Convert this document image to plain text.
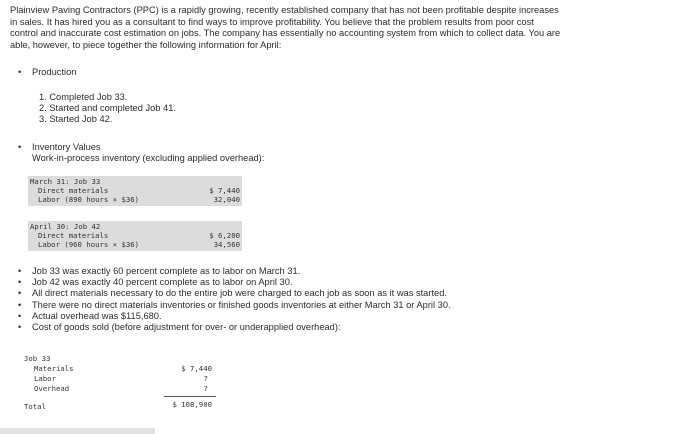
Plainview Paving Contractors (PPC) is a rapidly growing, recently established company that has not been profitable despite increases
in sales. It has hired you as a consultant to find ways to improve profitability. You believe that the problem results from poor cost
control and inaccurate cost estimation on jobs. The company has essentially no accounting system from which to collect data. You are
able, however, to piece together the following information for April:
• Production
1. Completed Job 33.
2. Started and completed Job 41.
3. Started Job 42.
• Inventory Values
Work-in-process inventory (excluding applied overhead):
March 31: Job 33
Direct materials
Labor (890 hours × $36)
$ 7,440
32,040
April 30: Job 42
Direct materials
Labor (960 hours × $36)
$ 6,200
34,560
• Job 33 was exactly 60 percent complete as to labor on March 31.
• Job 42 was exactly 40 percent complete as to labor on April 30.
• All direct materials necessary to do the entire job were charged to each job as soon as it was started.
• There were no direct materials inventories or finished goods inventories at either March 31 or April 30.
• Actual overhead was $115,680.
• Cost of goods sold (before adjustment for over- or underapplied overhead):
Job 33
Materials
Labor
Overhead
Total
$ 7,440
?
?
$ 108,900
